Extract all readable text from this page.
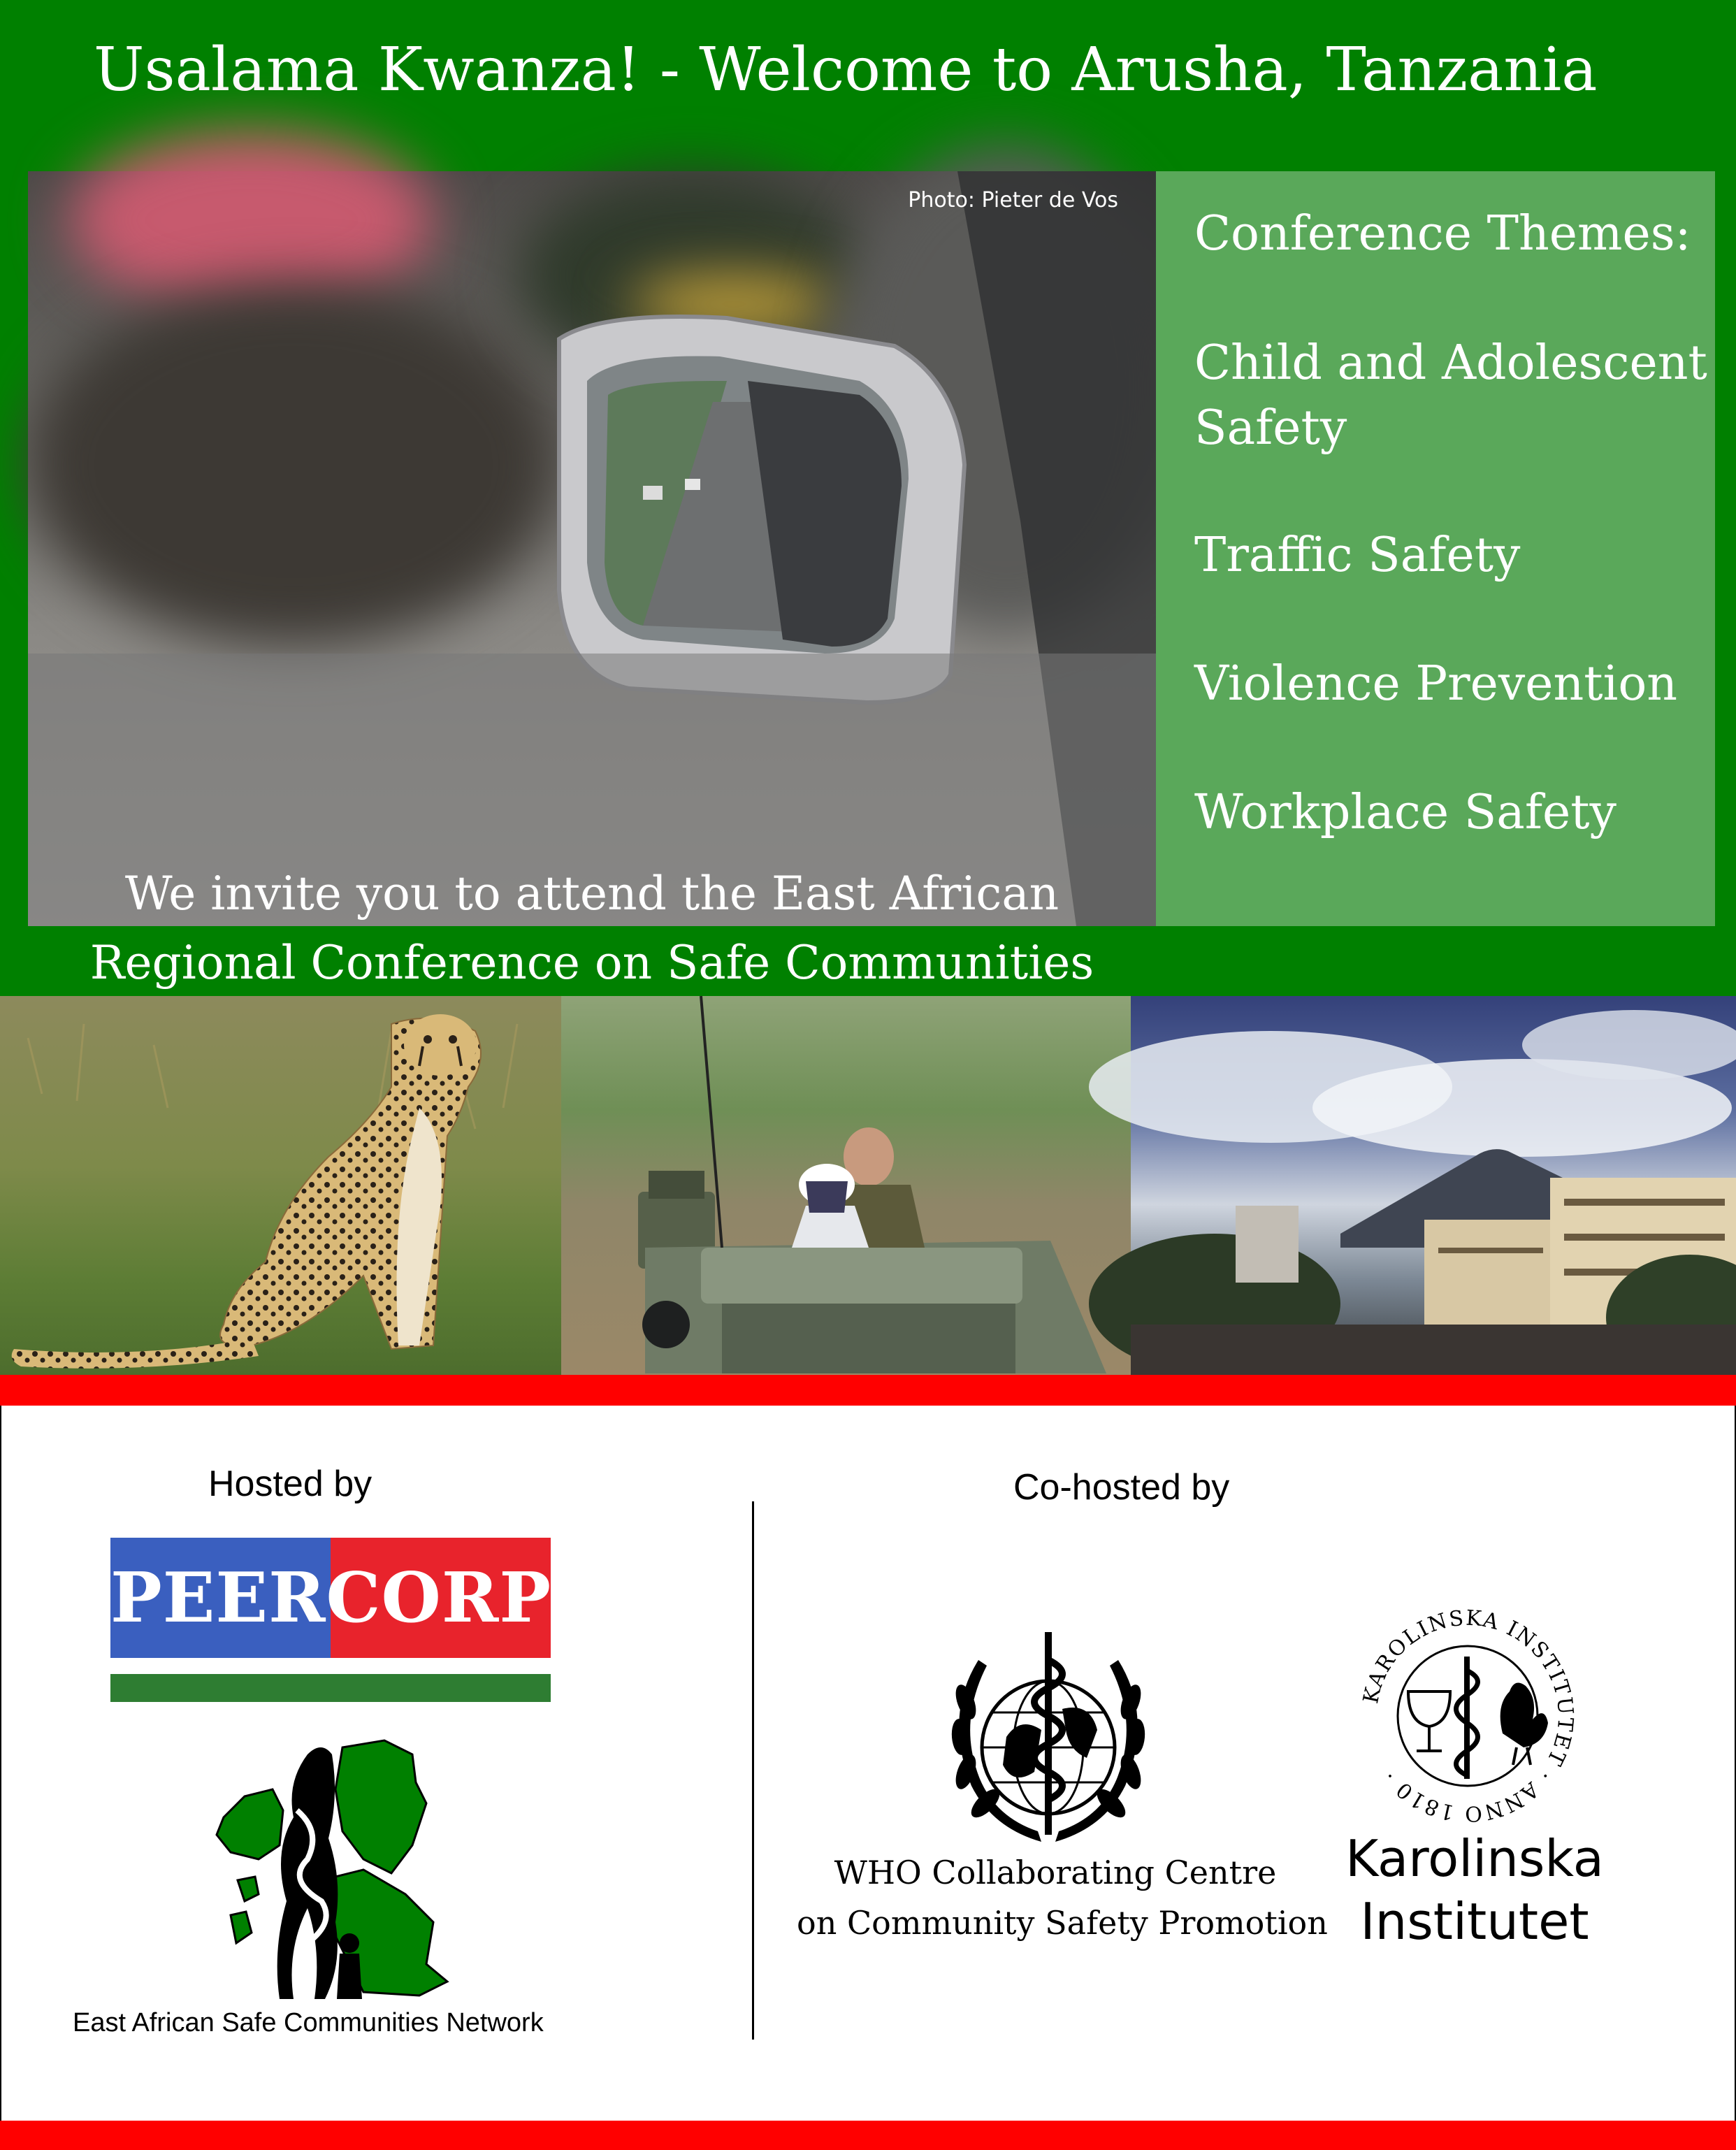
Usalama Kwanza! - Welcome to Arusha, Tanzania
Photo: Pieter de Vos
We invite you to attend the East African
Regional Conference on Safe Communities
Conference Themes:
Child and Adolescent
Safety
Traffic Safety
Violence Prevention
Workplace Safety
Hosted by
PEERCORPS
East African Safe Communities Network
Co-hosted by
WHO Collaborating Centre
on Community Safety Promotion
KAROLINSKA INSTITUTET · ANNO 1810 ·
Karolinska
Institutet
